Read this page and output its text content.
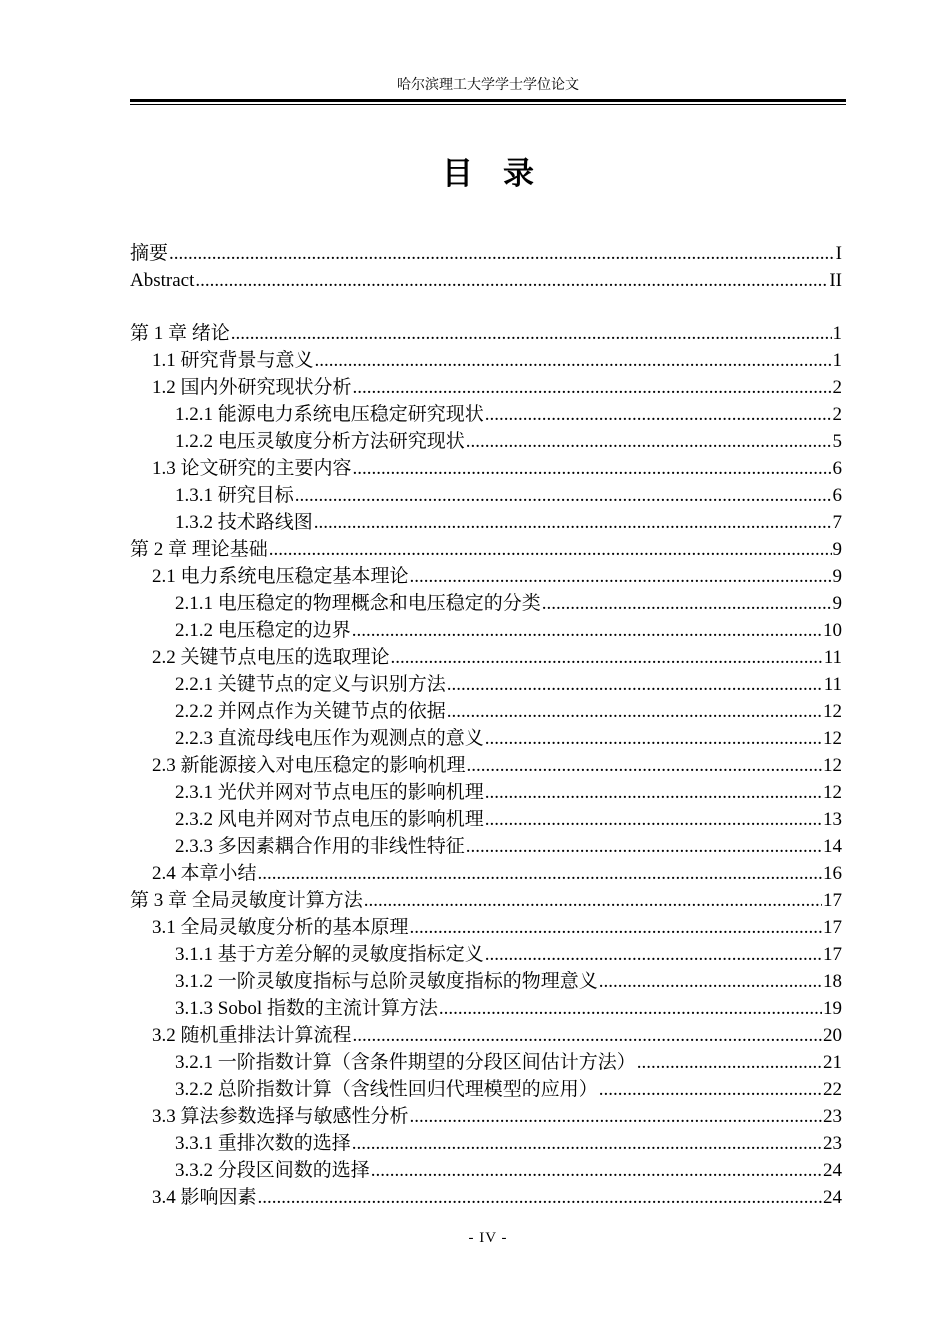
哈尔滨理工大学学士学位论文
目录
摘要 .....	I
Abstract .....	II
第 1 章 绪论 .....	1
1.1 研究背景与意义 .....	1
1.2 国内外研究现状分析 .....	2
1.2.1 能源电力系统电压稳定研究现状 .....	2
1.2.2 电压灵敏度分析方法研究现状 .....	5
1.3 论文研究的主要内容 .....	6
1.3.1 研究目标 .....	6
1.3.2 技术路线图 .....	7
第 2 章 理论基础 .....	9
2.1 电力系统电压稳定基本理论 .....	9
2.1.1 电压稳定的物理概念和电压稳定的分类 .....	9
2.1.2 电压稳定的边界 .....	10
2.2 关键节点电压的选取理论 .....	11
2.2.1 关键节点的定义与识别方法 .....	11
2.2.2 并网点作为关键节点的依据 .....	12
2.2.3 直流母线电压作为观测点的意义 .....	12
2.3 新能源接入对电压稳定的影响机理 .....	12
2.3.1 光伏并网对节点电压的影响机理 .....	12
2.3.2 风电并网对节点电压的影响机理 .....	13
2.3.3 多因素耦合作用的非线性特征 .....	14
2.4 本章小结 .....	16
第 3 章 全局灵敏度计算方法 .....	17
3.1 全局灵敏度分析的基本原理 .....	17
3.1.1 基于方差分解的灵敏度指标定义 .....	17
3.1.2 一阶灵敏度指标与总阶灵敏度指标的物理意义 .....	18
3.1.3 Sobol 指数的主流计算方法 .....	19
3.2 随机重排法计算流程 .....	20
3.2.1 一阶指数计算（含条件期望的分段区间估计方法） .....	21
3.2.2 总阶指数计算（含线性回归代理模型的应用） .....	22
3.3 算法参数选择与敏感性分析 .....	23
3.3.1 重排次数的选择 .....	23
3.3.2 分段区间数的选择 .....	24
3.4 影响因素 .....	24
- IV -
